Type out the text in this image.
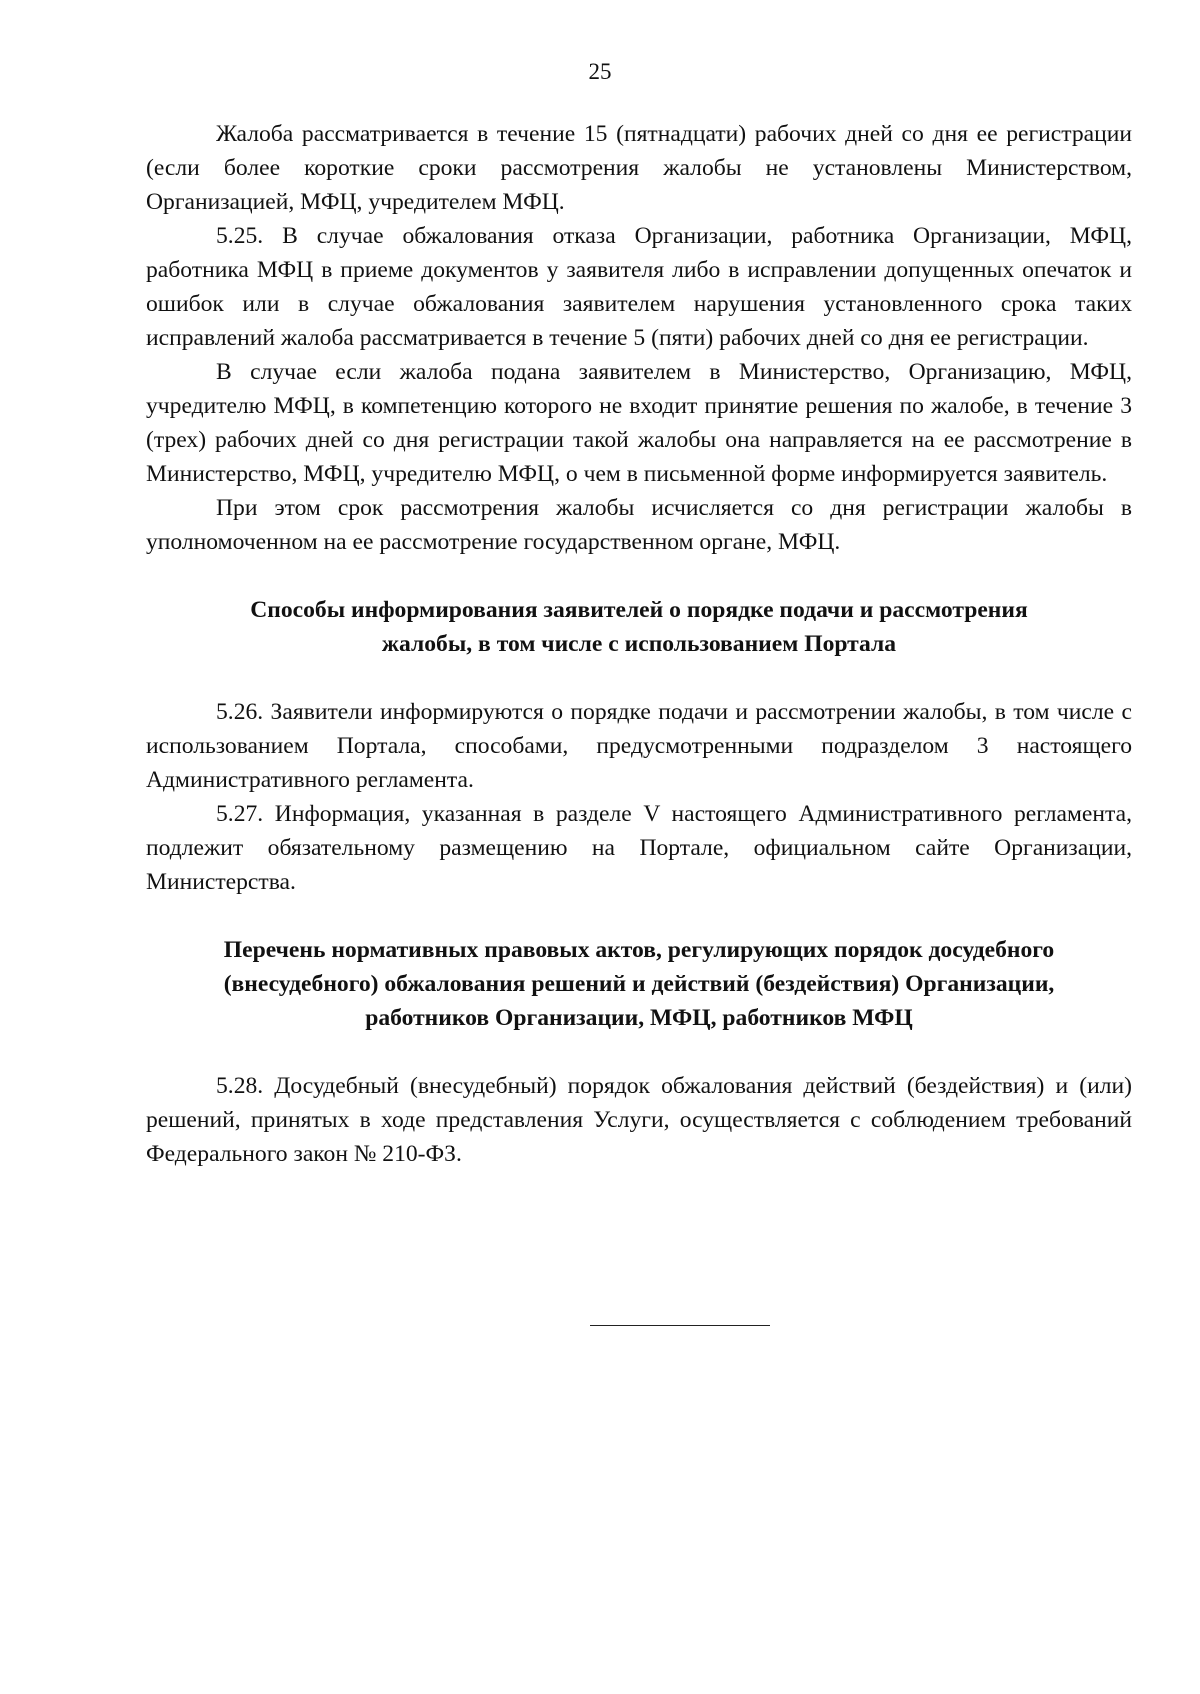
25

Жалоба рассматривается в течение 15 (пятнадцати) рабочих дней со дня ее регистрации (если более короткие сроки рассмотрения жалобы не установлены Министерством, Организацией, МФЦ, учредителем МФЦ.

5.25. В случае обжалования отказа Организации, работника Организации, МФЦ, работника МФЦ в приеме документов у заявителя либо в исправлении допущенных опечаток и ошибок или в случае обжалования заявителем нарушения установленного срока таких исправлений жалоба рассматривается в течение 5 (пяти) рабочих дней со дня ее регистрации.

В случае если жалоба подана заявителем в Министерство, Организацию, МФЦ, учредителю МФЦ, в компетенцию которого не входит принятие решения по жалобе, в течение 3 (трех) рабочих дней со дня регистрации такой жалобы она направляется на ее рассмотрение в Министерство, МФЦ, учредителю МФЦ, о чем в письменной форме информируется заявитель.

При этом срок рассмотрения жалобы исчисляется со дня регистрации жалобы в уполномоченном на ее рассмотрение государственном органе, МФЦ.

Способы информирования заявителей о порядке подачи и рассмотрения
жалобы, в том числе с использованием Портала

5.26. Заявители информируются о порядке подачи и рассмотрении жалобы, в том числе с использованием Портала, способами, предусмотренными подразделом 3 настоящего Административного регламента.

5.27. Информация, указанная в разделе V настоящего Административного регламента, подлежит обязательному размещению на Портале, официальном сайте Организации, Министерства.

Перечень нормативных правовых актов, регулирующих порядок досудебного
(внесудебного) обжалования решений и действий (бездействия) Организации,
работников Организации, МФЦ, работников МФЦ

5.28. Досудебный (внесудебный) порядок обжалования действий (бездействия) и (или) решений, принятых в ходе представления Услуги, осуществляется с соблюдением требований Федерального закон № 210-ФЗ.
